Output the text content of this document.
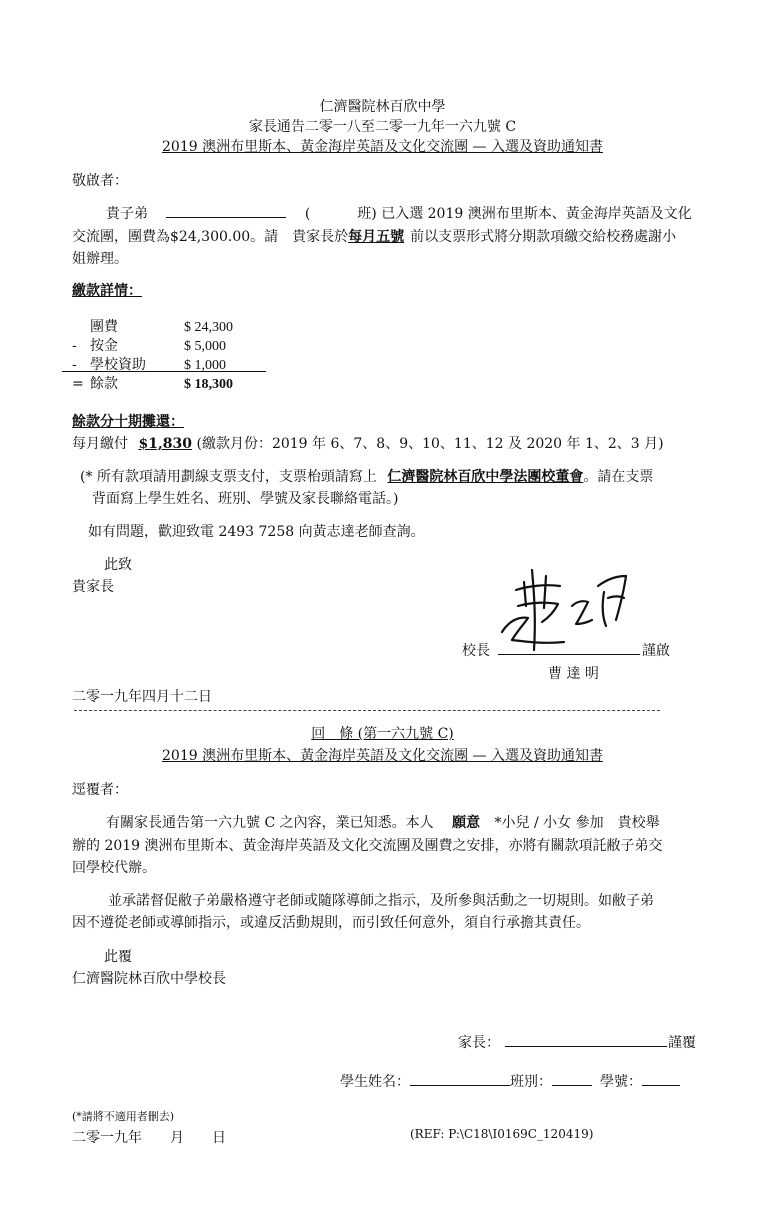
仁濟醫院林百欣中學
家長通告二零一八至二零一九年一六九號 C
2019 澳洲布里斯本、黃金海岸英語及文化交流團 — 入選及資助通知書
敬啟者：
貴子弟	(	班) 已入選 2019 澳洲布里斯本、黃金海岸英語及文化
交流團，團費為$24,300.00。請　貴家長於每月五號 前以支票形式將分期款項繳交給校務處謝小
姐辦理。
繳款詳情：
團費	$ 24,300
- 按金	$ 5,000
- 學校資助	$ 1,000
= 餘款	$ 18,300
餘款分十期攤還：
每月繳付 $1,830 (繳款月份：2019 年 6、7、8、9、10、11、12 及 2020 年 1、2、3 月)
(* 所有款項請用劃線支票支付，支票枱頭請寫上 仁濟醫院林百欣中學法團校董會。請在支票
背面寫上學生姓名、班別、學號及家長聯絡電話。)
如有問題，歡迎致電 2493 7258 向黃志達老師查詢。
此致
貴家長
校長	謹啟
曹 達 明
二零一九年四月十二日
回　條 (第一六九號 C)
2019 澳洲布里斯本、黃金海岸英語及文化交流團 — 入選及資助通知書
逕覆者：
有關家長通告第一六九號 C 之內容，業已知悉。本人 願意 *小兒 / 小女 參加　貴校舉
辦的 2019 澳洲布里斯本、黃金海岸英語及文化交流團及團費之安排，亦將有關款項託敝子弟交
回學校代辦。
並承諾督促敝子弟嚴格遵守老師或隨隊導師之指示，及所參與活動之一切規則。如敝子弟
因不遵從老師或導師指示，或違反活動規則，而引致任何意外，須自行承擔其責任。
此覆
仁濟醫院林百欣中學校長
家長：	謹覆
學生姓名：	班別：	學號：
(*請將不適用者刪去)
二零一九年　　月　　日	(REF: P:\C18\I0169C_120419)
